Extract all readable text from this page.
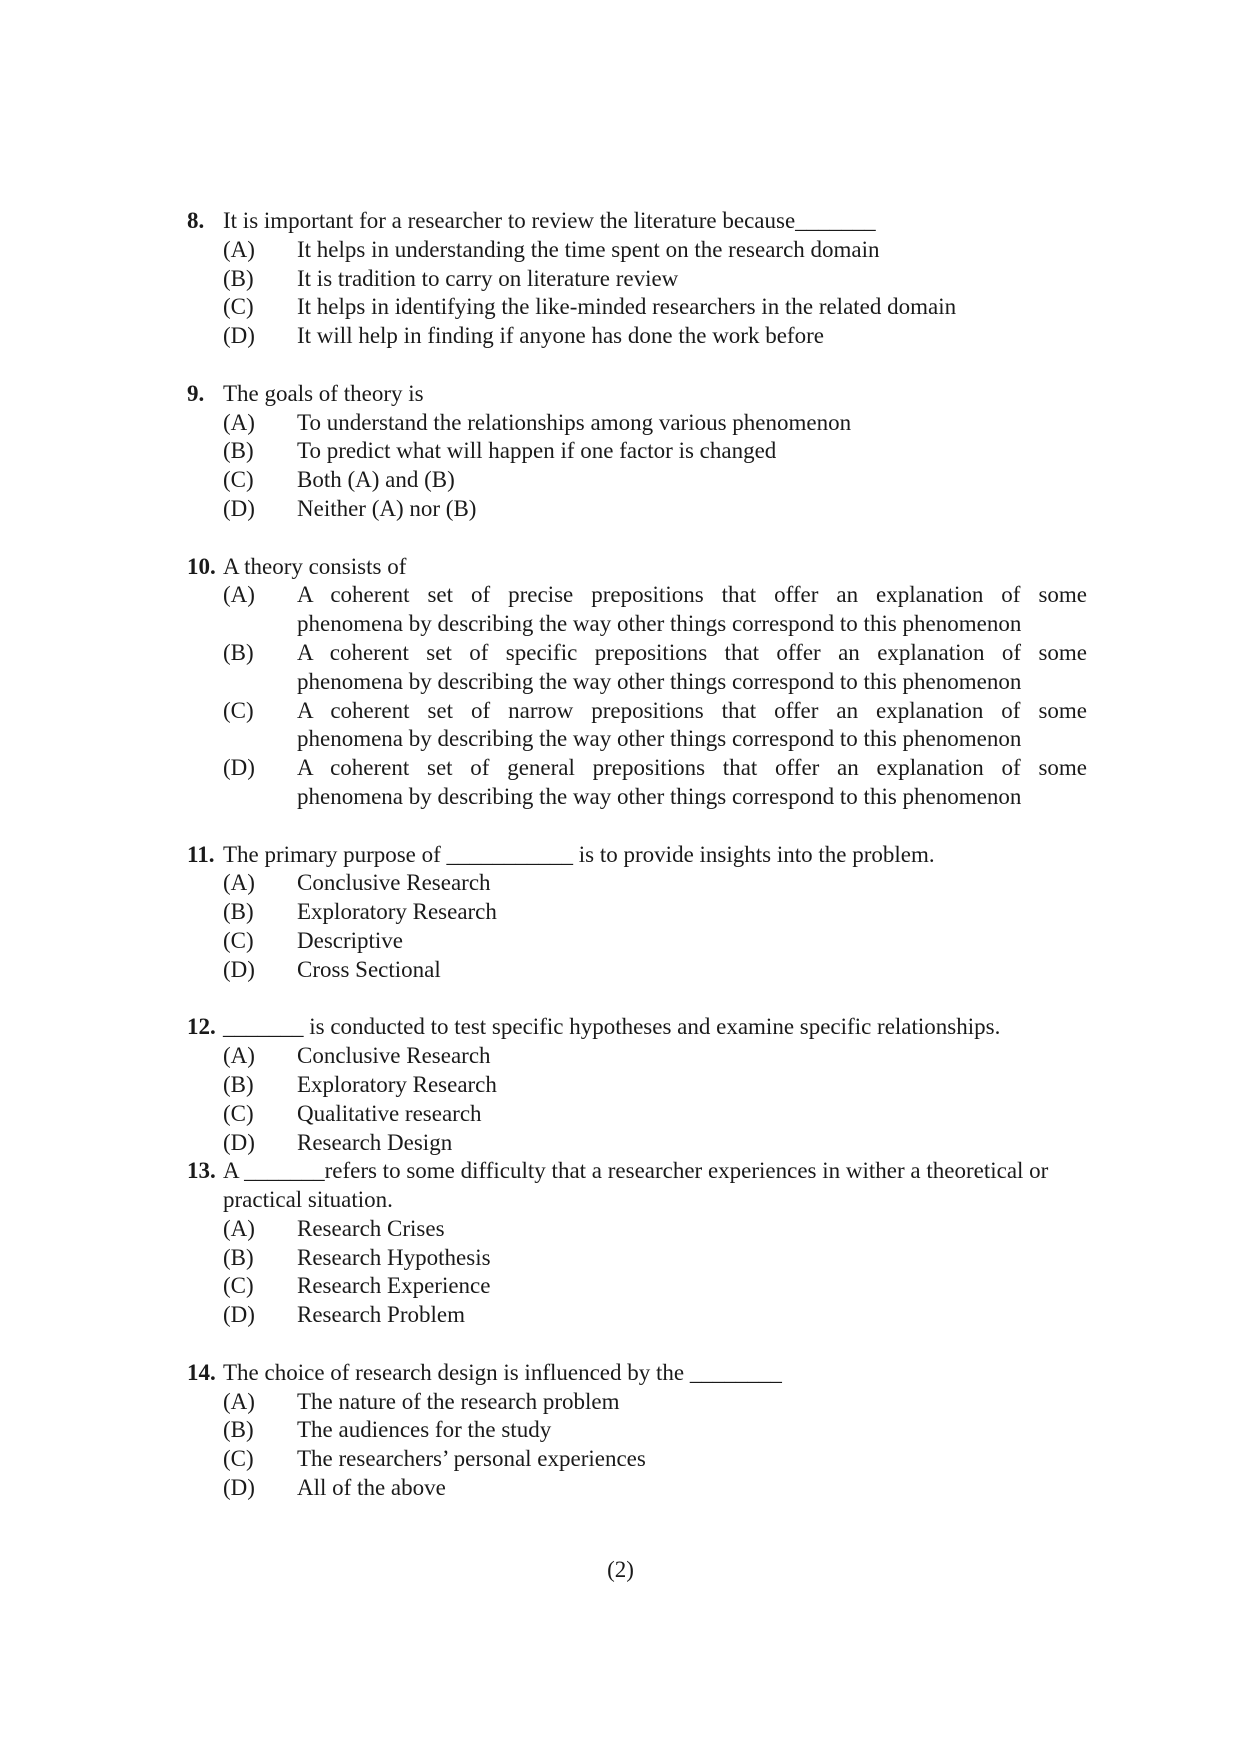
8. It is important for a researcher to review the literature because_______
(A)	It helps in understanding the time spent on the research domain
(B)	It is tradition to carry on literature review
(C)	It helps in identifying the like-minded researchers in the related domain
(D)	It will help in finding if anyone has done the work before
9. The goals of theory is
(A)	To understand the relationships among various phenomenon
(B)	To predict what will happen if one factor is changed
(C)	Both (A) and (B)
(D)	Neither (A) nor (B)
10. A theory consists of
(A)	A coherent set of precise prepositions that offer an explanation of some
phenomena by describing the way other things correspond to this phenomenon
(B)	A coherent set of specific prepositions that offer an explanation of some
phenomena by describing the way other things correspond to this phenomenon
(C)	A coherent set of narrow prepositions that offer an explanation of some
phenomena by describing the way other things correspond to this phenomenon
(D)	A coherent set of general prepositions that offer an explanation of some
phenomena by describing the way other things correspond to this phenomenon
11. The primary purpose of ___________ is to provide insights into the problem.
(A)	Conclusive Research
(B)	Exploratory Research
(C)	Descriptive
(D)	Cross Sectional
12. _______ is conducted to test specific hypotheses and examine specific relationships.
(A)	Conclusive Research
(B)	Exploratory Research
(C)	Qualitative research
(D)	Research Design
13. A _______refers to some difficulty that a researcher experiences in wither a theoretical or practical situation.
(A)	Research Crises
(B)	Research Hypothesis
(C)	Research Experience
(D)	Research Problem
14. The choice of research design is influenced by the ________
(A)	The nature of the research problem
(B)	The audiences for the study
(C)	The researchers’ personal experiences
(D)	All of the above
(2)
